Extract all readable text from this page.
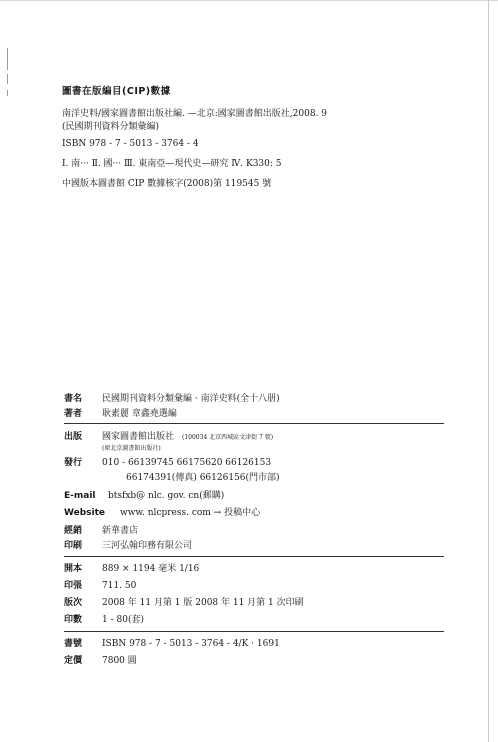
圖書在版編目(CIP)數據
南洋史料/國家圖書館出版社編. —北京:國家圖書館出版社,2008. 9
(民國期刊資料分類彙編)
ISBN 978 - 7 - 5013 - 3764 - 4
Ⅰ. 南··· Ⅱ. 國··· Ⅲ. 東南亞—現代史—研究 Ⅳ. K330: 5
中國版本圖書館 CIP 數據核字(2008)第 119545 號
書名	民國期刊資料分類彙編 · 南洋史料(全十八册)
著者	耿素麗 章鑫堯選編
出版	國家圖書館出版社 (100034 北京西城區文津街 7 號)
(原北京圖書館出版社)
發行	010 - 66139745 66175620 66126153
66174391(傳真) 66126156(門市部)
E-mail	btsfxb@ nlc. gov. cn(郵購)
Website	www. nlcpress. com → 投稿中心
經銷	新華書店
印刷	三河弘翰印務有限公司
開本	889 × 1194 毫米 1/16
印張	711. 50
版次	2008 年 11 月第 1 版 2008 年 11 月第 1 次印刷
印數	1 - 80(套)
書號	ISBN 978 - 7 - 5013 - 3764 - 4/K · 1691
定價	7800 圓
